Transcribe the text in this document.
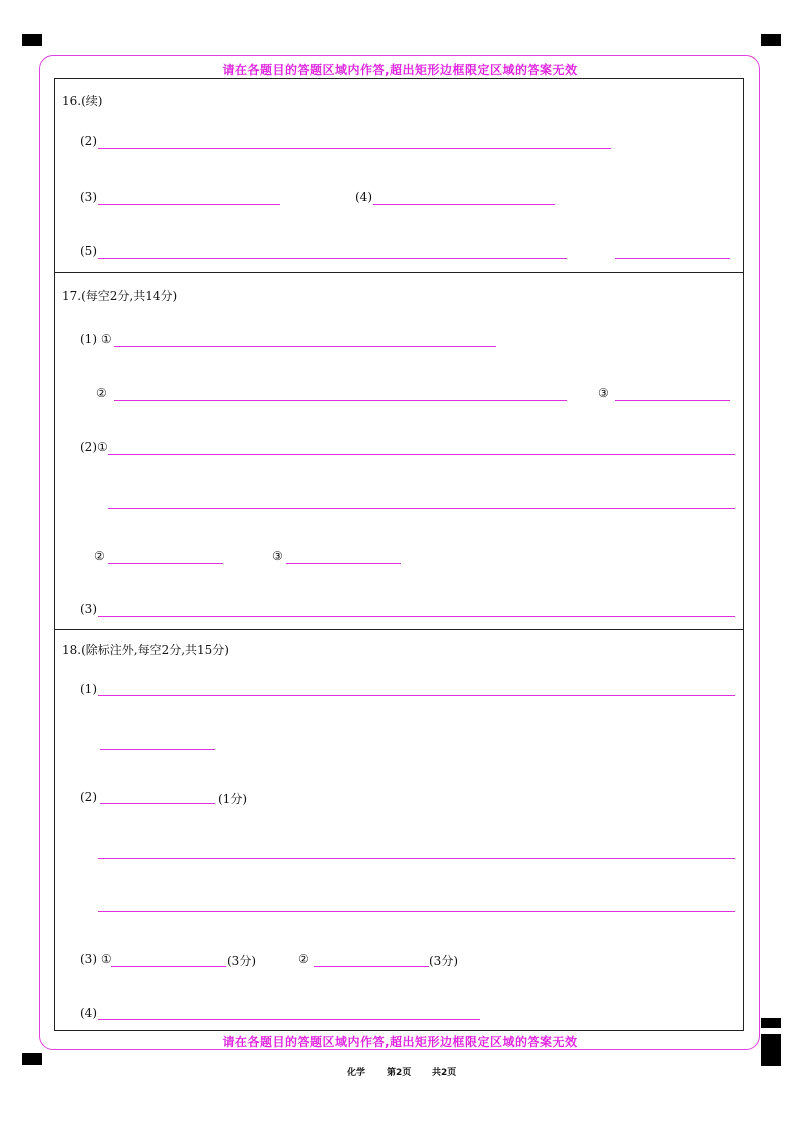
请在各题目的答题区域内作答,超出矩形边框限定区域的答案无效
请在各题目的答题区域内作答,超出矩形边框限定区域的答案无效
16.(续)
(2)
(3)	(4)
(5)
17.(每空2分,共14分)
(1) ①
②	③
(2)①
②	③
(3)
18.(除标注外,每空2分,共15分)
(1)
(2)	(1分)
(3) ①	(3分)	②	(3分)
(4)
化学 第2页 共2页
